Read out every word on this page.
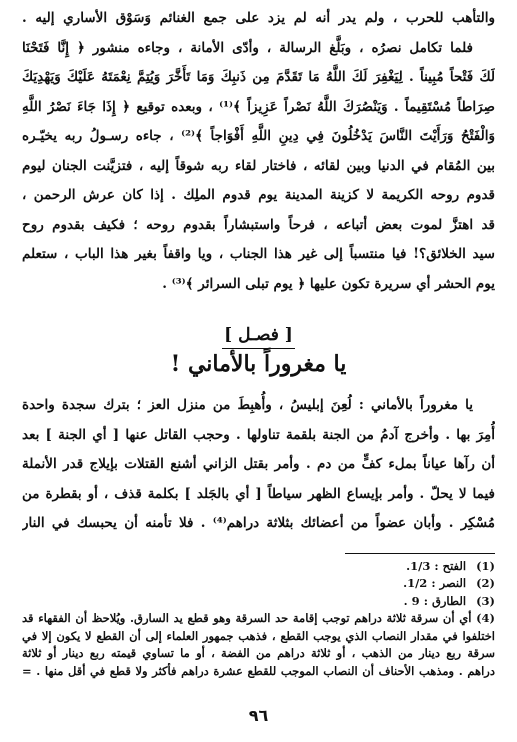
والتأهب للحرب ، ولم يدر أنه لم يزد على جمع الغنائم وَسَوْق الأساري إليه .
فلما تكامل نصرُه ، وبَلَّغ الرسالة ، وأدّى الأمانة ، وجاءه منشور ﴿ إِنَّا فَتَحْنَا
لَكَ فَتْحاً مُبِيناً . لِيَغْفِرَ لَكَ اللَّهُ مَا تَقَدَّمَ مِن ذَنبِكَ وَمَا تَأَخَّرَ وَيُتِمَّ نِعْمَتَهُ عَلَيْكَ وَيَهْدِيَكَ
صِرَاطاً مُسْتَقِيماً . وَيَنْصُرَكَ اللَّهُ نَصْراً عَزِيزاً ﴾⁽¹⁾ ، وبعده توقيع ﴿ إِذَا جَاءَ نَصْرُ اللَّهِ
وَالْفَتْحُ وَرَأَيْتَ النَّاسَ يَدْخُلُونَ فِي دِينِ اللَّهِ أَفْوَاجاً ﴾⁽²⁾ ، جاءه رسـولُ ربه يخيّـره
بين المُقام في الدنيا وبين لقائه ، فاختار لقاء ربه شوقاً إليه ، فتزيَّنت الجنان ليوم
قدوم روحه الكريمة لا كزينة المدينة يوم قدوم الملِك . إذا كان عرش الرحمن ،
قد اهتزَّ لموت بعض أتباعه ، فرحاً واستبشاراً بقدوم روحه ؛ فكيف بقدوم روح
سيد الخلائق؟! فيا منتسباً إلى غير هذا الجناب ، ويا واقفاً بغير هذا الباب ، ستعلم
يوم الحشر أي سريرة تكون عليها ﴿ يوم تبلى السرائر ﴾⁽³⁾ .
[ فصـل ]
يا مغروراً بالأماني !
يا مغروراً بالأماني : لُعِنَ إبليسُ ، وأُهبِطَ من منزل العز ؛ بترك سجدة واحدة
أُمِرَ بها . وأخرج آدمُ من الجنة بلقمة تناولها . وحجب القاتل عنها [ أي الجنة ] بعد
أن رآها عياناً بملء كفٍّ من دم . وأمر بقتل الزاني أشنع القتلات بإيلاج قدر الأنملة
فيما لا يحلّ . وأمر بإيساع الظهر سياطاً [ أي بالجَلد ] بكلمة قذف ، أو بقطرة من
مُسْكِر . وأبان عضواً من أعضائك بثلاثة دراهم⁽⁴⁾ . فلا تأمنه أن يحبسك في النار
(1) الفتح : 1/3.
(2) النصر : 1/2.
(3) الطارق : 9 .
(4) أي أن سرقة ثلاثة دراهم توجب إقامة حد السرقة وهو قطع يد السارق. ويُلاحظ أن الفقهاء قد
اختلفوا في مقدار النصاب الذي يوجب القطع ، فذهب جمهور العلماء إلى أن القطع لا يكون إلا في
سرقة ربع دينار من الذهب ، أو ثلاثة دراهم من الفضة ، أو ما تساوي قيمته ربع دينار أو ثلاثة
دراهم . ومذهب الأحناف أن النصاب الموجب للقطع عشرة دراهم فأكثر ولا قطع في أقل منها . =
٩٦
